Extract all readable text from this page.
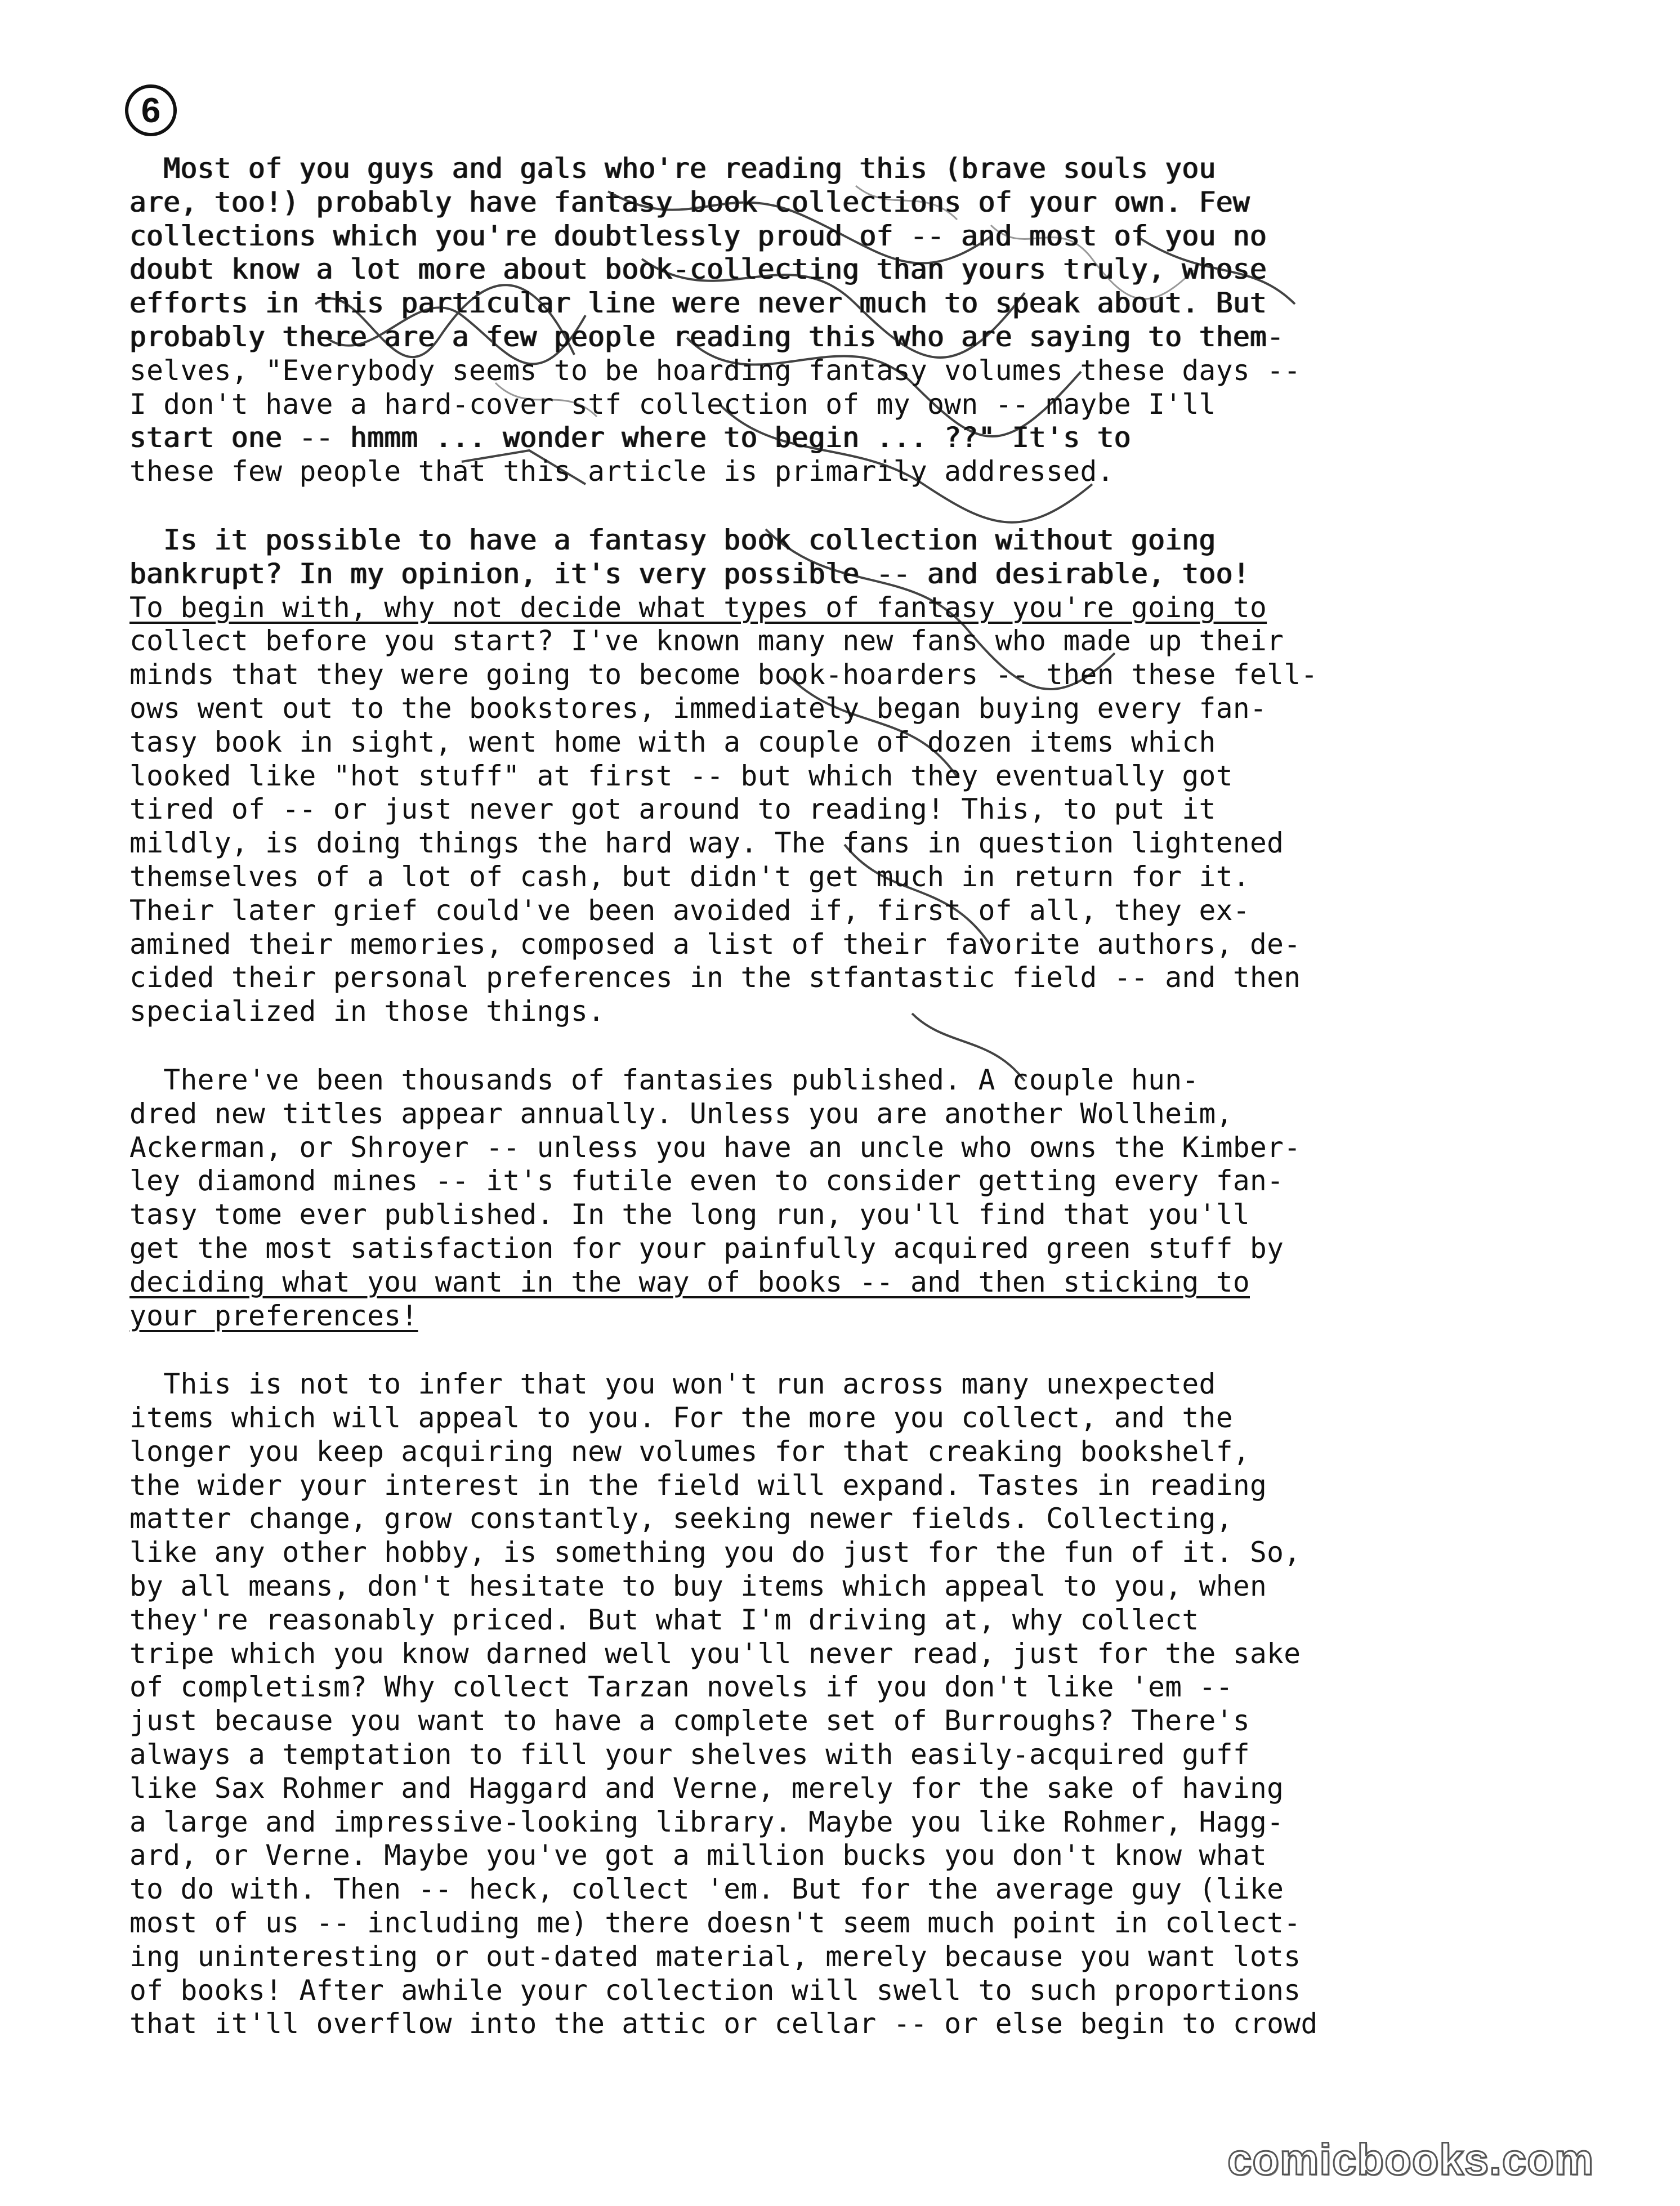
6
Most of you guys and gals who're reading this (brave souls you
are, too!) probably have fantasy book collections of your own. Few
collections which you're doubtlessly proud of -- and most of you no
doubt know a lot more about book-collecting than yours truly, whose
efforts in this particular line were never much to speak about. But
probably there are a few people reading this who are saying to them-
selves, "Everybody seems to be hoarding fantasy volumes these days --
I don't have a hard-cover stf collection of my own -- maybe I'll
start one -- hmmm ... wonder where to begin ... ??" It's to
these few people that this article is primarily addressed.
Is it possible to have a fantasy book collection without going
bankrupt? In my opinion, it's very possible -- and desirable, too!
To begin with, why not decide what types of fantasy you're going to
collect before you start? I've known many new fans who made up their
minds that they were going to become book-hoarders -- then these fell-
ows went out to the bookstores, immediately began buying every fan-
tasy book in sight, went home with a couple of dozen items which
looked like "hot stuff" at first -- but which they eventually got
tired of -- or just never got around to reading! This, to put it
mildly, is doing things the hard way. The fans in question lightened
themselves of a lot of cash, but didn't get much in return for it.
Their later grief could've been avoided if, first of all, they ex-
amined their memories, composed a list of their favorite authors, de-
cided their personal preferences in the stfantastic field -- and then
specialized in those things.
There've been thousands of fantasies published. A couple hun-
dred new titles appear annually. Unless you are another Wollheim,
Ackerman, or Shroyer -- unless you have an uncle who owns the Kimber-
ley diamond mines -- it's futile even to consider getting every fan-
tasy tome ever published. In the long run, you'll find that you'll
get the most satisfaction for your painfully acquired green stuff by
deciding what you want in the way of books -- and then sticking to
your preferences!
This is not to infer that you won't run across many unexpected
items which will appeal to you. For the more you collect, and the
longer you keep acquiring new volumes for that creaking bookshelf,
the wider your interest in the field will expand. Tastes in reading
matter change, grow constantly, seeking newer fields. Collecting,
like any other hobby, is something you do just for the fun of it. So,
by all means, don't hesitate to buy items which appeal to you, when
they're reasonably priced. But what I'm driving at, why collect
tripe which you know darned well you'll never read, just for the sake
of completism? Why collect Tarzan novels if you don't like 'em --
just because you want to have a complete set of Burroughs? There's
always a temptation to fill your shelves with easily-acquired guff
like Sax Rohmer and Haggard and Verne, merely for the sake of having
a large and impressive-looking library. Maybe you like Rohmer, Hagg-
ard, or Verne. Maybe you've got a million bucks you don't know what
to do with. Then -- heck, collect 'em. But for the average guy (like
most of us -- including me) there doesn't seem much point in collect-
ing uninteresting or out-dated material, merely because you want lots
of books! After awhile your collection will swell to such proportions
that it'll overflow into the attic or cellar -- or else begin to crowd
comicbooks.com
